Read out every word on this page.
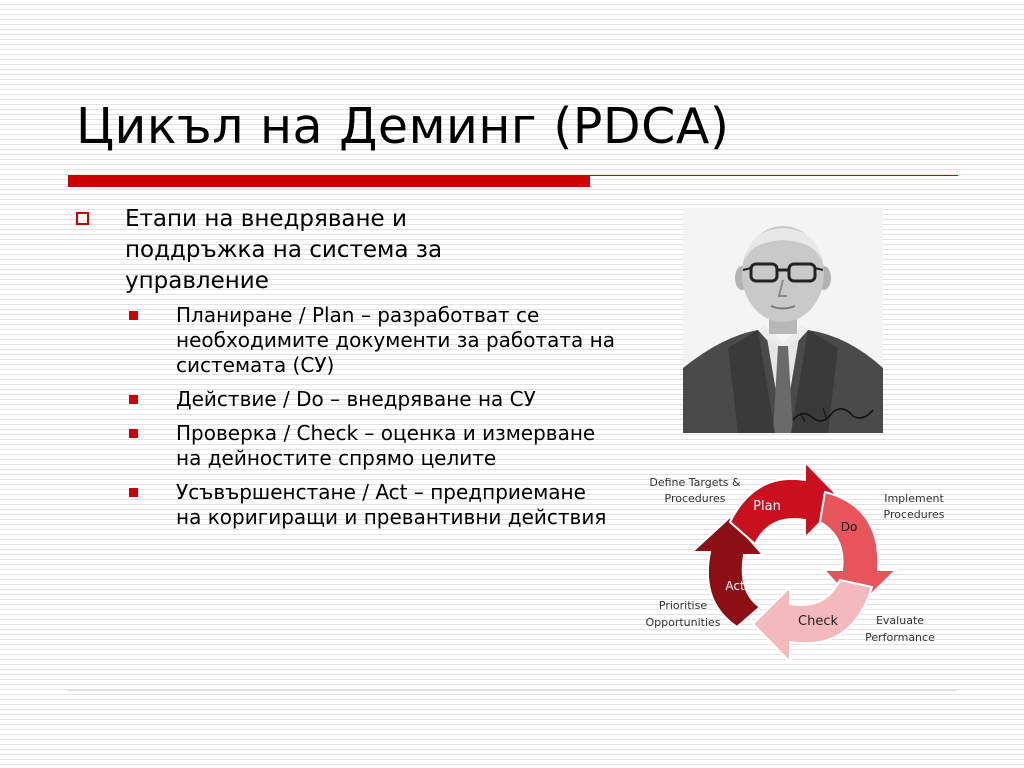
Цикъл на Деминг (PDCA)
Етапи на внедряване и поддръжка на система за управление
Планиране / Plan – разработват се необходимите документи за работата на системата (СУ)
Действие / Do – внедряване на СУ
Проверка / Check – оценка и измерване на дейностите спрямо целите
Усъвършенстане / Act – предприемане на коригиращи и превантивни действия	Plan
Do
Check
Act
Define Targets &
Procedures	Implement
Procedures
Evaluate
Performance
Prioritise
Opportunities
